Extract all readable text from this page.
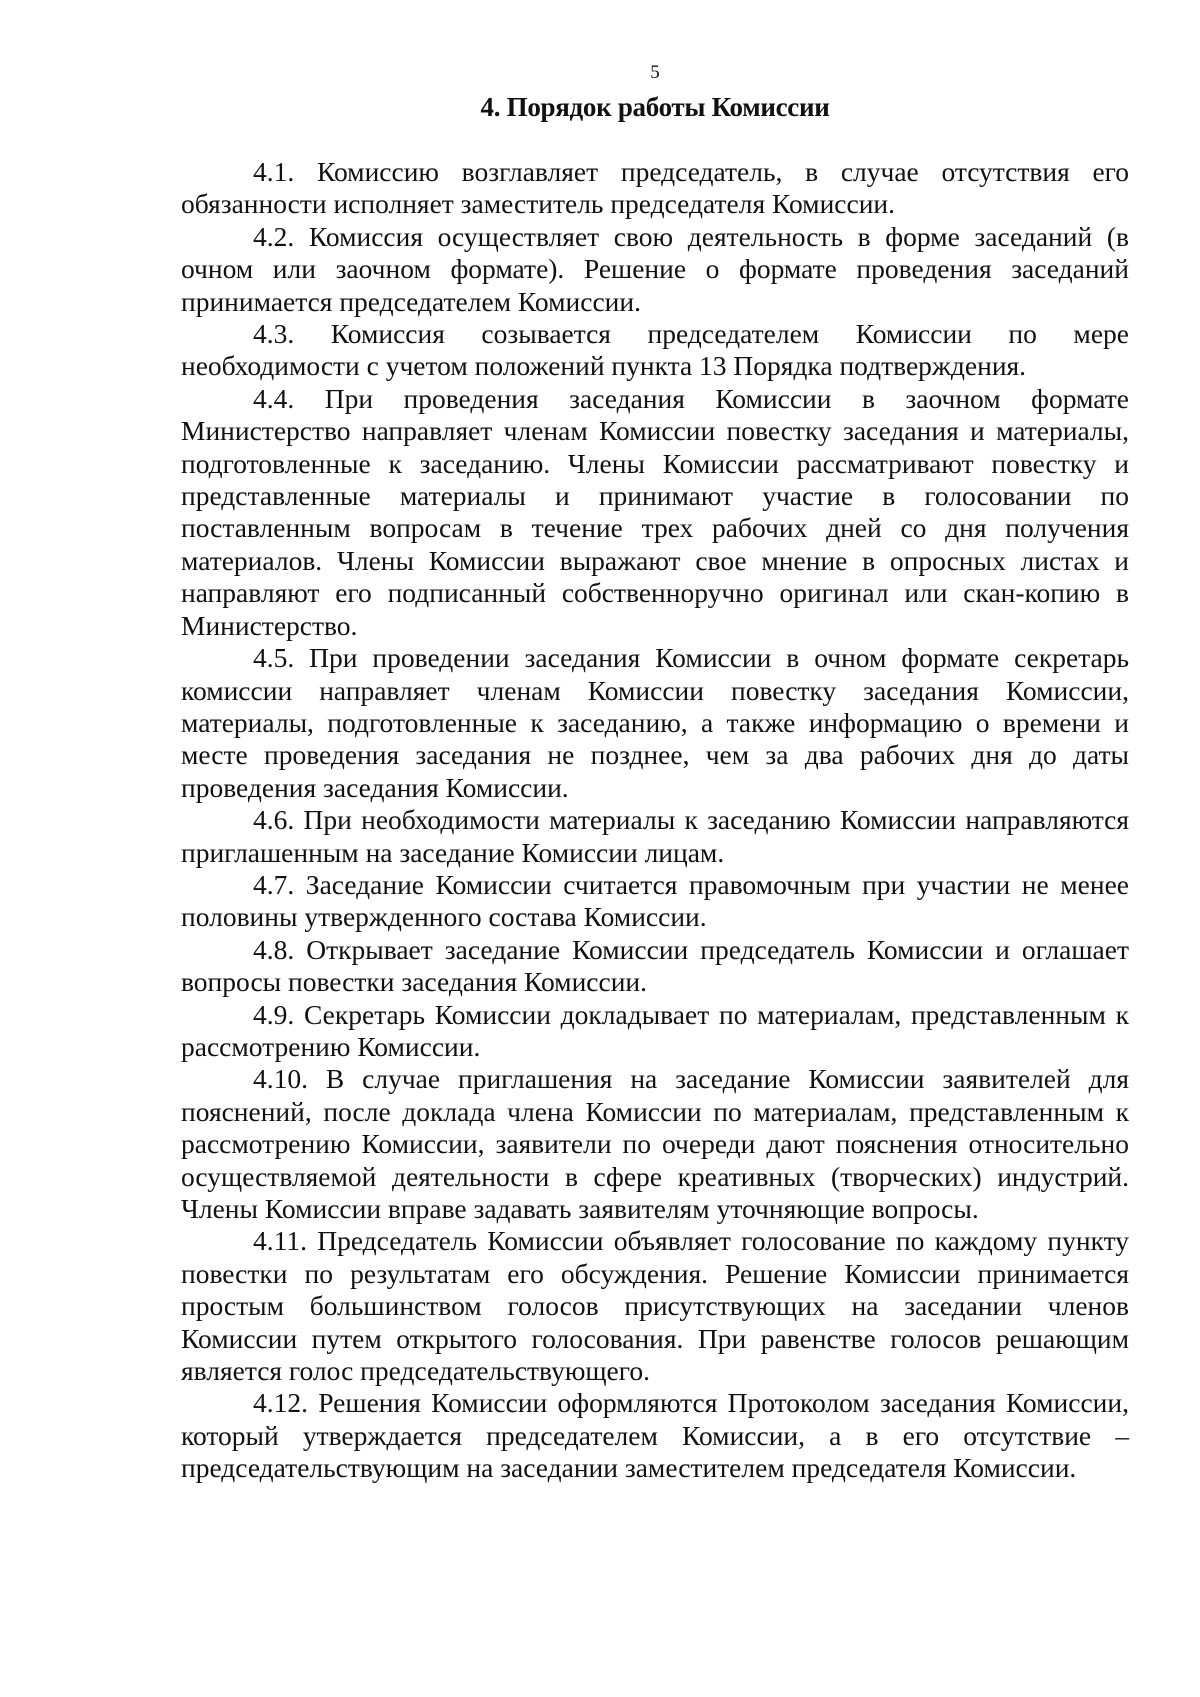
5
4. Порядок работы Комиссии

4.1. Комиссию возглавляет председатель, в случае отсутствия его обязанности исполняет заместитель председателя Комиссии.

4.2. Комиссия осуществляет свою деятельность в форме заседаний (в очном или заочном формате). Решение о формате проведения заседаний принимается председателем Комиссии.

4.3. Комиссия созывается председателем Комиссии по мере необходимости с учетом положений пункта 13 Порядка подтверждения.

4.4. При проведения заседания Комиссии в заочном формате Министерство направляет членам Комиссии повестку заседания и материалы, подготовленные к заседанию. Члены Комиссии рассматривают повестку и представленные материалы и принимают участие в голосовании по поставленным вопросам в течение трех рабочих дней со дня получения материалов. Члены Комиссии выражают свое мнение в опросных листах и направляют его подписанный собственноручно оригинал или скан-копию в Министерство.

4.5. При проведении заседания Комиссии в очном формате секретарь комиссии направляет членам Комиссии повестку заседания Комиссии, материалы, подготовленные к заседанию, а также информацию о времени и месте проведения заседания не позднее, чем за два рабочих дня до даты проведения заседания Комиссии.

4.6. При необходимости материалы к заседанию Комиссии направляются приглашенным на заседание Комиссии лицам.

4.7. Заседание Комиссии считается правомочным при участии не менее половины утвержденного состава Комиссии.

4.8. Открывает заседание Комиссии председатель Комиссии и оглашает вопросы повестки заседания Комиссии.

4.9. Секретарь Комиссии докладывает по материалам, представленным к рассмотрению Комиссии.

4.10. В случае приглашения на заседание Комиссии заявителей для пояснений, после доклада члена Комиссии по материалам, представленным к рассмотрению Комиссии, заявители по очереди дают пояснения относительно осуществляемой деятельности в сфере креативных (творческих) индустрий. Члены Комиссии вправе задавать заявителям уточняющие вопросы.

4.11. Председатель Комиссии объявляет голосование по каждому пункту повестки по результатам его обсуждения. Решение Комиссии принимается простым большинством голосов присутствующих на заседании членов Комиссии путем открытого голосования. При равенстве голосов решающим является голос председательствующего.

4.12. Решения Комиссии оформляются Протоколом заседания Комиссии, который утверждается председателем Комиссии, а в его отсутствие – председательствующим на заседании заместителем председателя Комиссии.
